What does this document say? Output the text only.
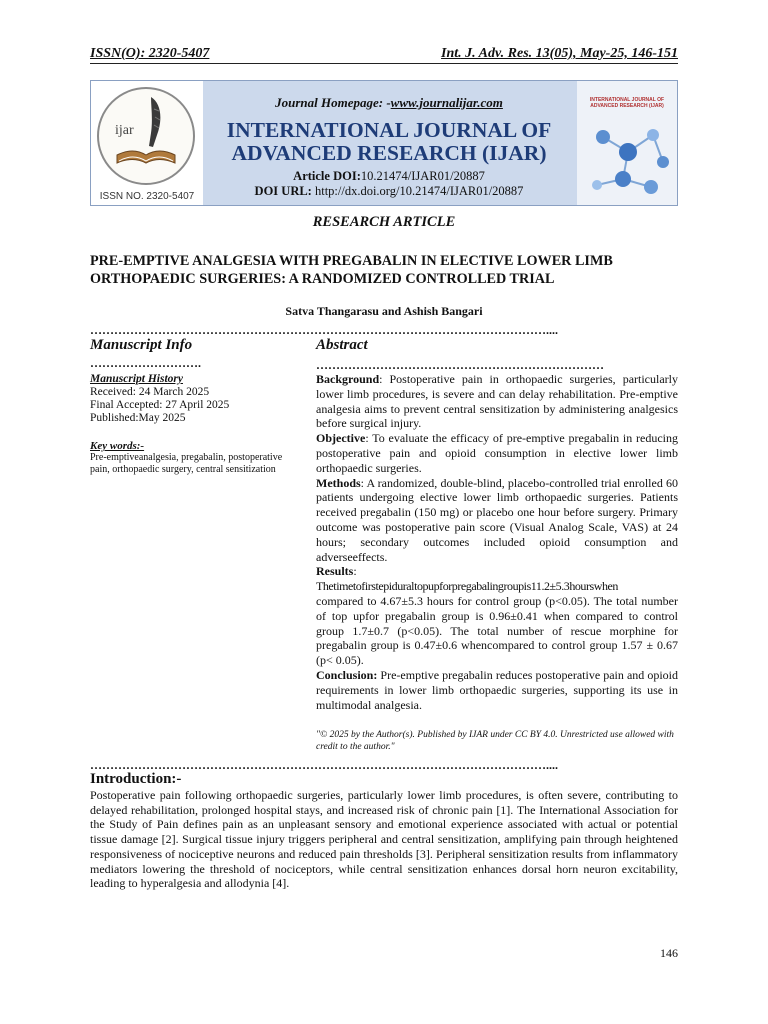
ISSN(O): 2320-5407	Int. J. Adv. Res. 13(05), May-25, 146-151
ijar
ISSN NO. 2320-5407
Journal Homepage: -www.journalijar.com
INTERNATIONAL JOURNAL OF
ADVANCED RESEARCH (IJAR)
Article DOI:10.21474/IJAR01/20887
DOI URL: http://dx.doi.org/10.21474/IJAR01/20887
INTERNATIONAL JOURNAL OF ADVANCED RESEARCH (IJAR)
RESEARCH ARTICLE
PRE-EMPTIVE ANALGESIA WITH PREGABALIN IN ELECTIVE LOWER LIMB
ORTHOPAEDIC SURGERIES: A RANDOMIZED CONTROLLED TRIAL
Satva Thangarasu and Ashish Bangari
……………………………………………………………………………………………………....
Manuscript Info
……………………….
Manuscript History
Received: 24 March 2025
Final Accepted: 27 April 2025
Published:May 2025
Key words:-
Pre-emptiveanalgesia, pregabalin, postoperative pain, orthopaedic surgery, central sensitization
Abstract
………………………………………………………………

Background: Postoperative pain in orthopaedic surgeries, particularly lower limb procedures, is severe and can delay rehabilitation. Pre-emptive analgesia aims to prevent central sensitization by administering analgesics before surgical injury.

Objective: To evaluate the efficacy of pre-emptive pregabalin in reducing postoperative pain and opioid consumption in elective lower limb orthopaedic surgeries.

Methods: A randomized, double-blind, placebo-controlled trial enrolled 60 patients undergoing elective lower limb orthopaedic surgeries. Patients received pregabalin (150 mg) or placebo one hour before surgery. Primary outcome was postoperative pain score (Visual Analog Scale, VAS) at 24 hours; secondary outcomes included opioid consumption and adverseeffects.

Results:

Thetimetofirstepiduraltopupforpregabalingroupis11.2±5.3hourswhen

compared to 4.67±5.3 hours for control group (p<0.05). The total number of top upfor pregabalin group is 0.96±0.41 when compared to control group 1.7±0.7 (p<0.05). The total number of rescue morphine for pregabalin group is 0.47±0.6 whencompared to control group 1.57 ± 0.67 (p< 0.05).

Conclusion: Pre-emptive pregabalin reduces postoperative pain and opioid requirements in lower limb orthopaedic surgeries, supporting its use in multimodal analgesia.

"© 2025 by the Author(s). Published by IJAR under CC BY 4.0. Unrestricted use allowed with credit to the author."
……………………………………………………………………………………………………....
Introduction:-
Postoperative pain following orthopaedic surgeries, particularly lower limb procedures, is often severe, contributing to delayed rehabilitation, prolonged hospital stays, and increased risk of chronic pain [1]. The International Association for the Study of Pain defines pain as an unpleasant sensory and emotional experience associated with actual or potential tissue damage [2]. Surgical tissue injury triggers peripheral and central sensitization, amplifying pain through heightened responsiveness of nociceptive neurons and reduced pain thresholds [3]. Peripheral sensitization results from inflammatory mediators lowering the threshold of nociceptors, while central sensitization enhances dorsal horn neuron excitability, leading to hyperalgesia and allodynia [4].
146
